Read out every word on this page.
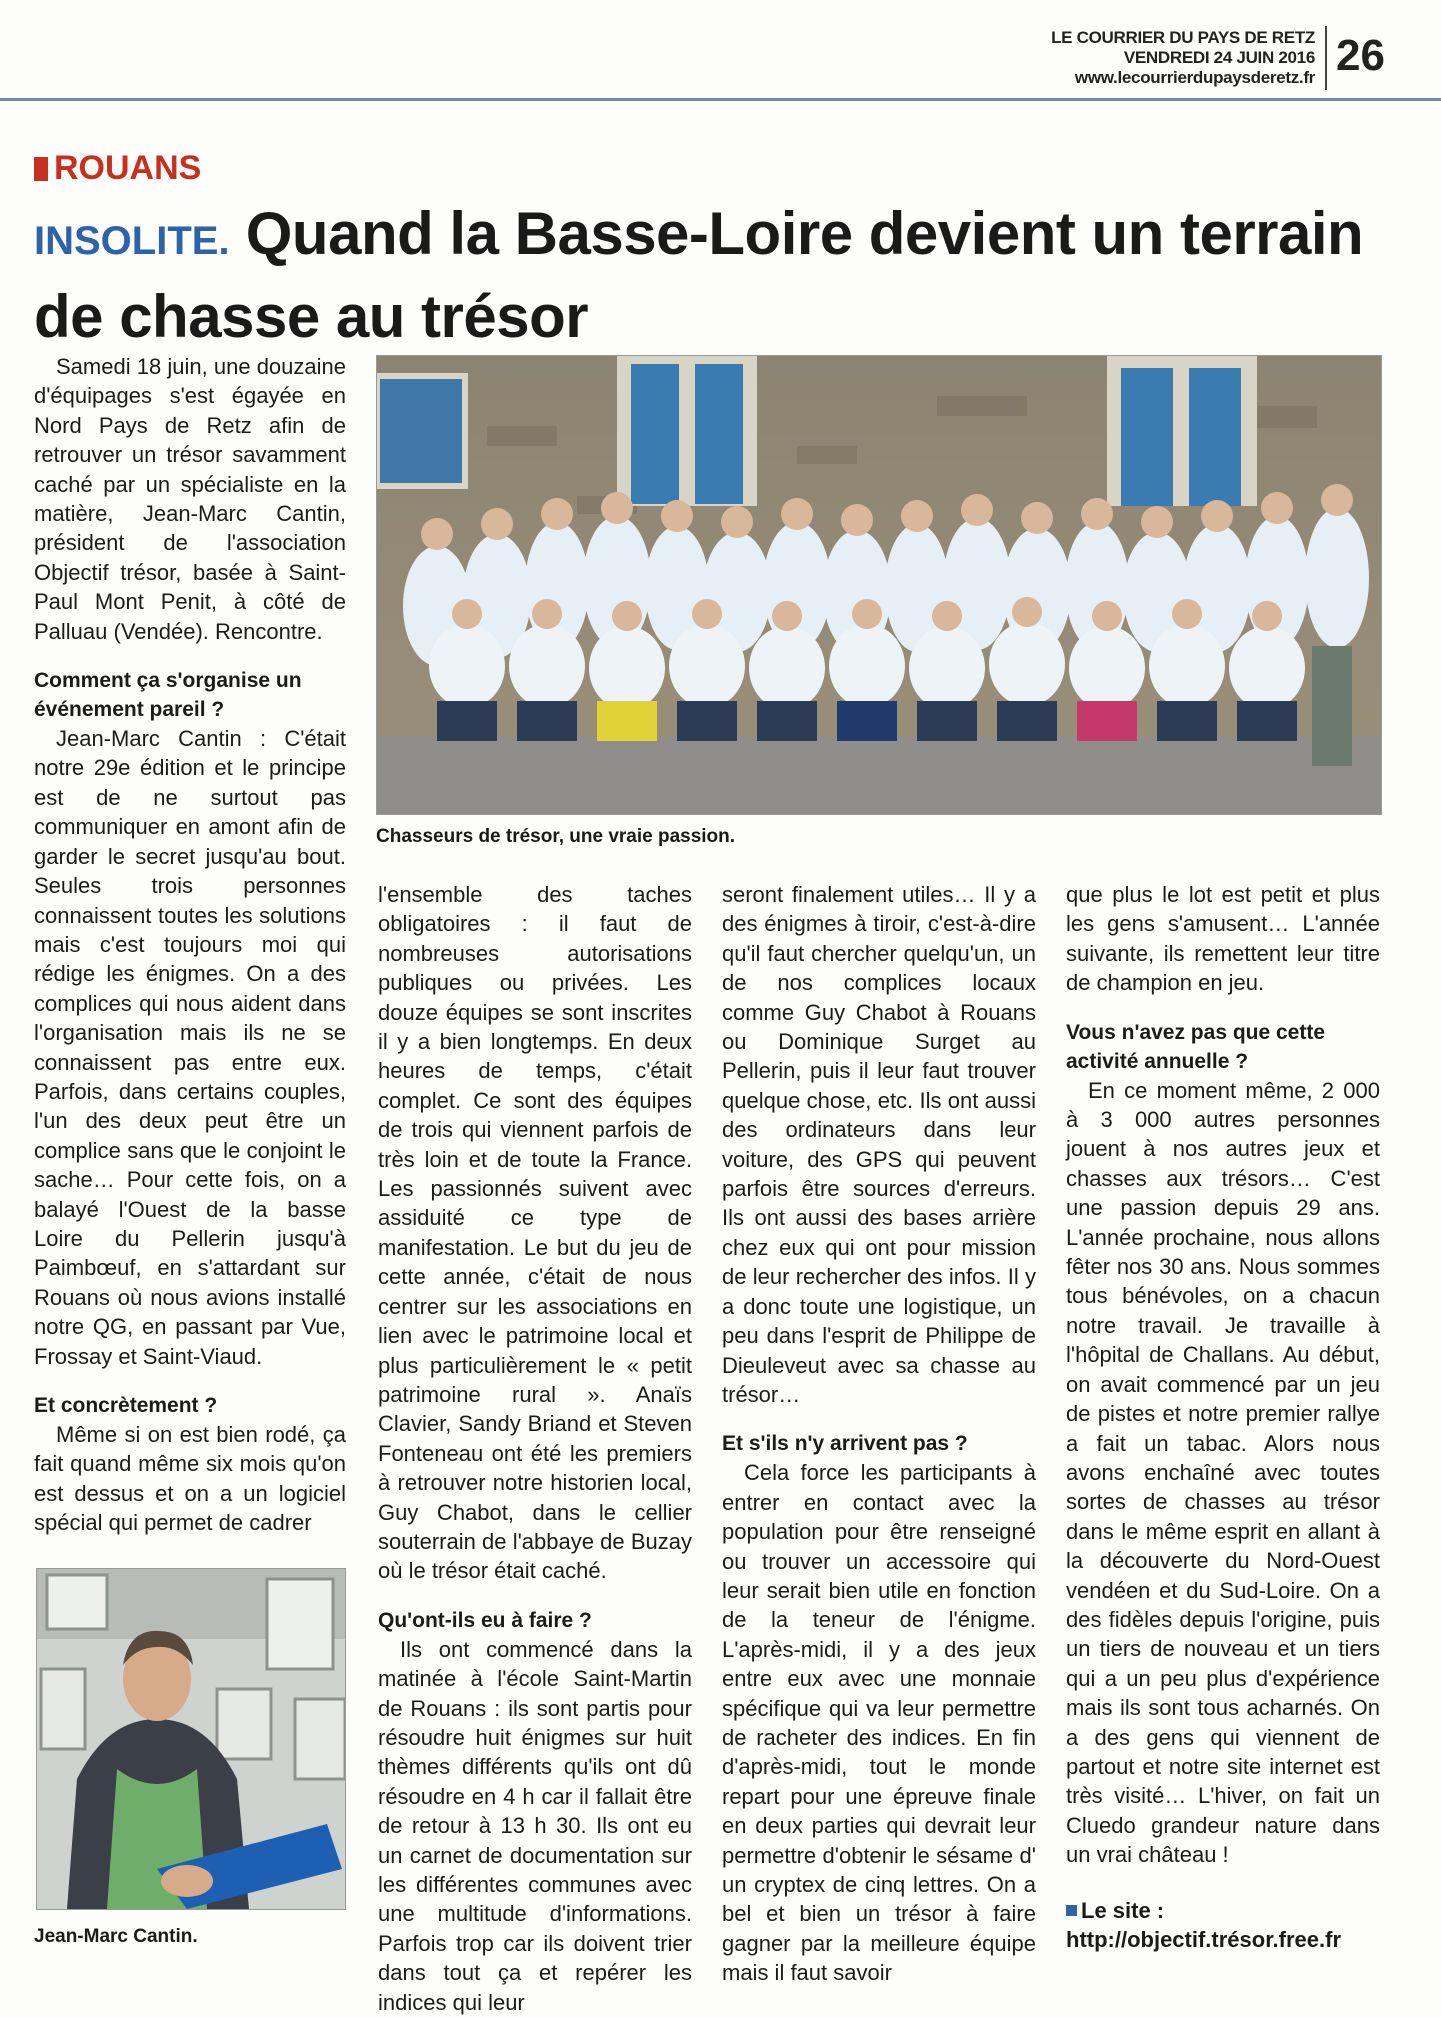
LE COURRIER DU PAYS DE RETZ
VENDREDI 24 JUIN 2016
www.lecourrierdupaysderetz.fr 26
ROUANS
INSOLITE. Quand la Basse-Loire devient un terrain de chasse au trésor

Samedi 18 juin, une douzaine d'équipages s'est égayée en Nord Pays de Retz afin de retrouver un trésor savamment caché par un spécialiste en la matière, Jean-Marc Cantin, président de l'association Objectif trésor, basée à Saint-Paul Mont Penit, à côté de Palluau (Vendée). Rencontre.

Comment ça s'organise un événement pareil ?

Jean-Marc Cantin : C'était notre 29e édition et le principe est de ne surtout pas communiquer en amont afin de garder le secret jusqu'au bout. Seules trois personnes connaissent toutes les solutions mais c'est toujours moi qui rédige les énigmes. On a des complices qui nous aident dans l'organisation mais ils ne se connaissent pas entre eux. Parfois, dans certains couples, l'un des deux peut être un complice sans que le conjoint le sache… Pour cette fois, on a balayé l'Ouest de la basse Loire du Pellerin jusqu'à Paimbœuf, en s'attardant sur Rouans où nous avions installé notre QG, en passant par Vue, Frossay et Saint-Viaud.

Et concrètement ?

Même si on est bien rodé, ça fait quand même six mois qu'on est dessus et on a un logiciel spécial qui permet de cadrer

Chasseurs de trésor, une vraie passion.

l'ensemble des taches obligatoires : il faut de nombreuses autorisations publiques ou privées. Les douze équipes se sont inscrites il y a bien longtemps. En deux heures de temps, c'était complet. Ce sont des équipes de trois qui viennent parfois de très loin et de toute la France. Les passionnés suivent avec assiduité ce type de manifestation. Le but du jeu de cette année, c'était de nous centrer sur les associations en lien avec le patrimoine local et plus particulièrement le « petit patrimoine rural ». Anaïs Clavier, Sandy Briand et Steven Fonteneau ont été les premiers à retrouver notre historien local, Guy Chabot, dans le cellier souterrain de l'abbaye de Buzay où le trésor était caché.

Qu'ont-ils eu à faire ?

Ils ont commencé dans la matinée à l'école Saint-Martin de Rouans : ils sont partis pour résoudre huit énigmes sur huit thèmes différents qu'ils ont dû résoudre en 4 h car il fallait être de retour à 13 h 30. Ils ont eu un carnet de documentation sur les différentes communes avec une multitude d'informations. Parfois trop car ils doivent trier dans tout ça et repérer les indices qui leur

seront finalement utiles… Il y a des énigmes à tiroir, c'est-à-dire qu'il faut chercher quelqu'un, un de nos complices locaux comme Guy Chabot à Rouans ou Dominique Surget au Pellerin, puis il leur faut trouver quelque chose, etc. Ils ont aussi des ordinateurs dans leur voiture, des GPS qui peuvent parfois être sources d'erreurs. Ils ont aussi des bases arrière chez eux qui ont pour mission de leur rechercher des infos. Il y a donc toute une logistique, un peu dans l'esprit de Philippe de Dieuleveut avec sa chasse au trésor…

Et s'ils n'y arrivent pas ?

Cela force les participants à entrer en contact avec la population pour être renseigné ou trouver un accessoire qui leur serait bien utile en fonction de la teneur de l'énigme. L'après-midi, il y a des jeux entre eux avec une monnaie spécifique qui va leur permettre de racheter des indices. En fin d'après-midi, tout le monde repart pour une épreuve finale en deux parties qui devrait leur permettre d'obtenir le sésame d' un cryptex de cinq lettres. On a bel et bien un trésor à faire gagner par la meilleure équipe mais il faut savoir

que plus le lot est petit et plus les gens s'amusent… L'année suivante, ils remettent leur titre de champion en jeu.

Vous n'avez pas que cette activité annuelle ?

En ce moment même, 2 000 à 3 000 autres personnes jouent à nos autres jeux et chasses aux trésors… C'est une passion depuis 29 ans. L'année prochaine, nous allons fêter nos 30 ans. Nous sommes tous bénévoles, on a chacun notre travail. Je travaille à l'hôpital de Challans. Au début, on avait commencé par un jeu de pistes et notre premier rallye a fait un tabac. Alors nous avons enchaîné avec toutes sortes de chasses au trésor dans le même esprit en allant à la découverte du Nord-Ouest vendéen et du Sud-Loire. On a des fidèles depuis l'origine, puis un tiers de nouveau et un tiers qui a un peu plus d'expérience mais ils sont tous acharnés. On a des gens qui viennent de partout et notre site internet est très visité… L'hiver, on fait un Cluedo grandeur nature dans un vrai château !

Le site : http://objectif.trésor.free.fr

Jean-Marc Cantin.
